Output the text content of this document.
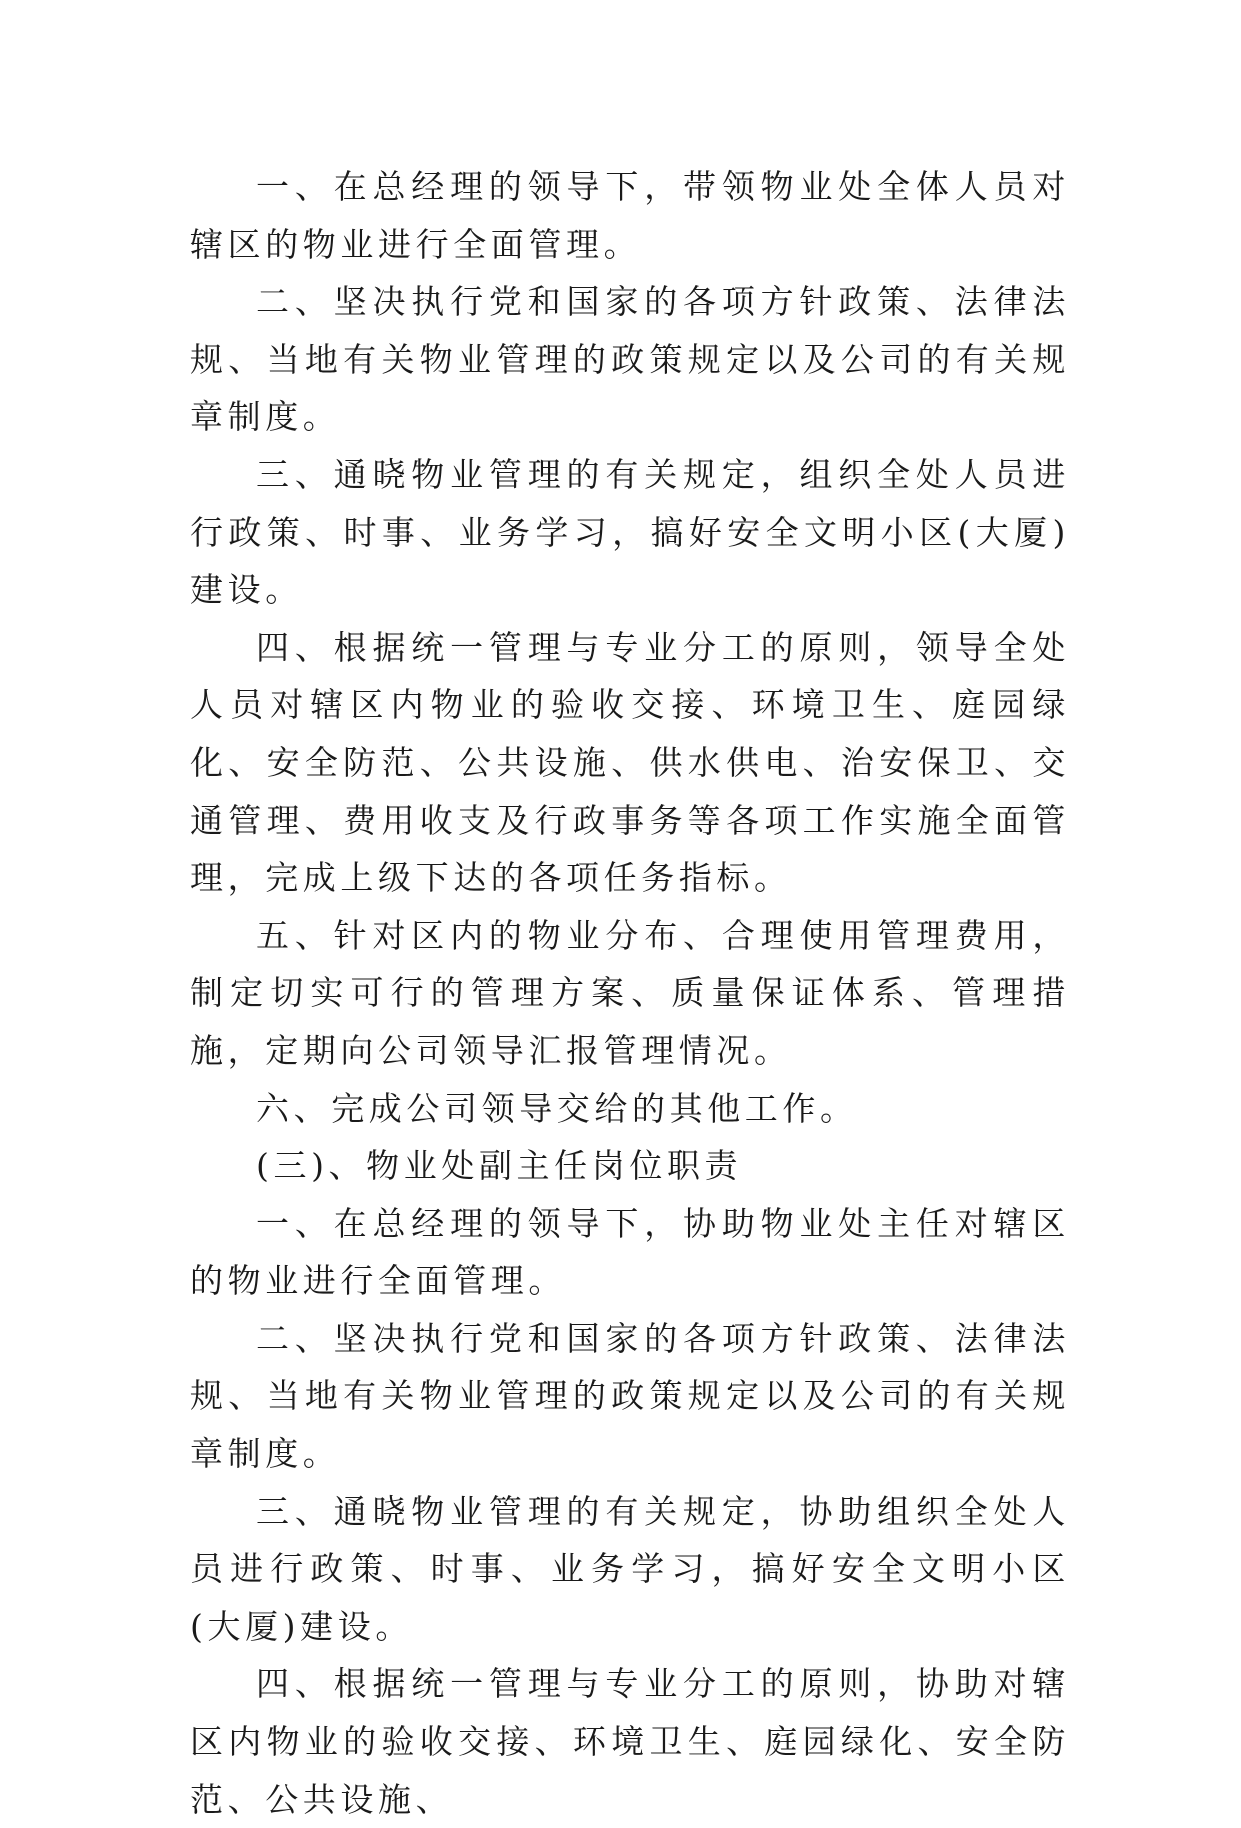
一、在总经理的领导下，带领物业处全体人员对辖区的物业进行全面管理。

二、坚决执行党和国家的各项方针政策、法律法规、当地有关物业管理的政策规定以及公司的有关规章制度。

三、通晓物业管理的有关规定，组织全处人员进行政策、时事、业务学习，搞好安全文明小区(大厦)建设。

四、根据统一管理与专业分工的原则，领导全处人员对辖区内物业的验收交接、环境卫生、庭园绿化、安全防范、公共设施、供水供电、治安保卫、交通管理、费用收支及行政事务等各项工作实施全面管理，完成上级下达的各项任务指标。

五、针对区内的物业分布、合理使用管理费用，制定切实可行的管理方案、质量保证体系、管理措施，定期向公司领导汇报管理情况。

六、完成公司领导交给的其他工作。

(三)、物业处副主任岗位职责

一、在总经理的领导下，协助物业处主任对辖区的物业进行全面管理。

二、坚决执行党和国家的各项方针政策、法律法规、当地有关物业管理的政策规定以及公司的有关规章制度。

三、通晓物业管理的有关规定，协助组织全处人员进行政策、时事、业务学习，搞好安全文明小区(大厦)建设。

四、根据统一管理与专业分工的原则，协助对辖区内物业的验收交接、环境卫生、庭园绿化、安全防范、公共设施、
